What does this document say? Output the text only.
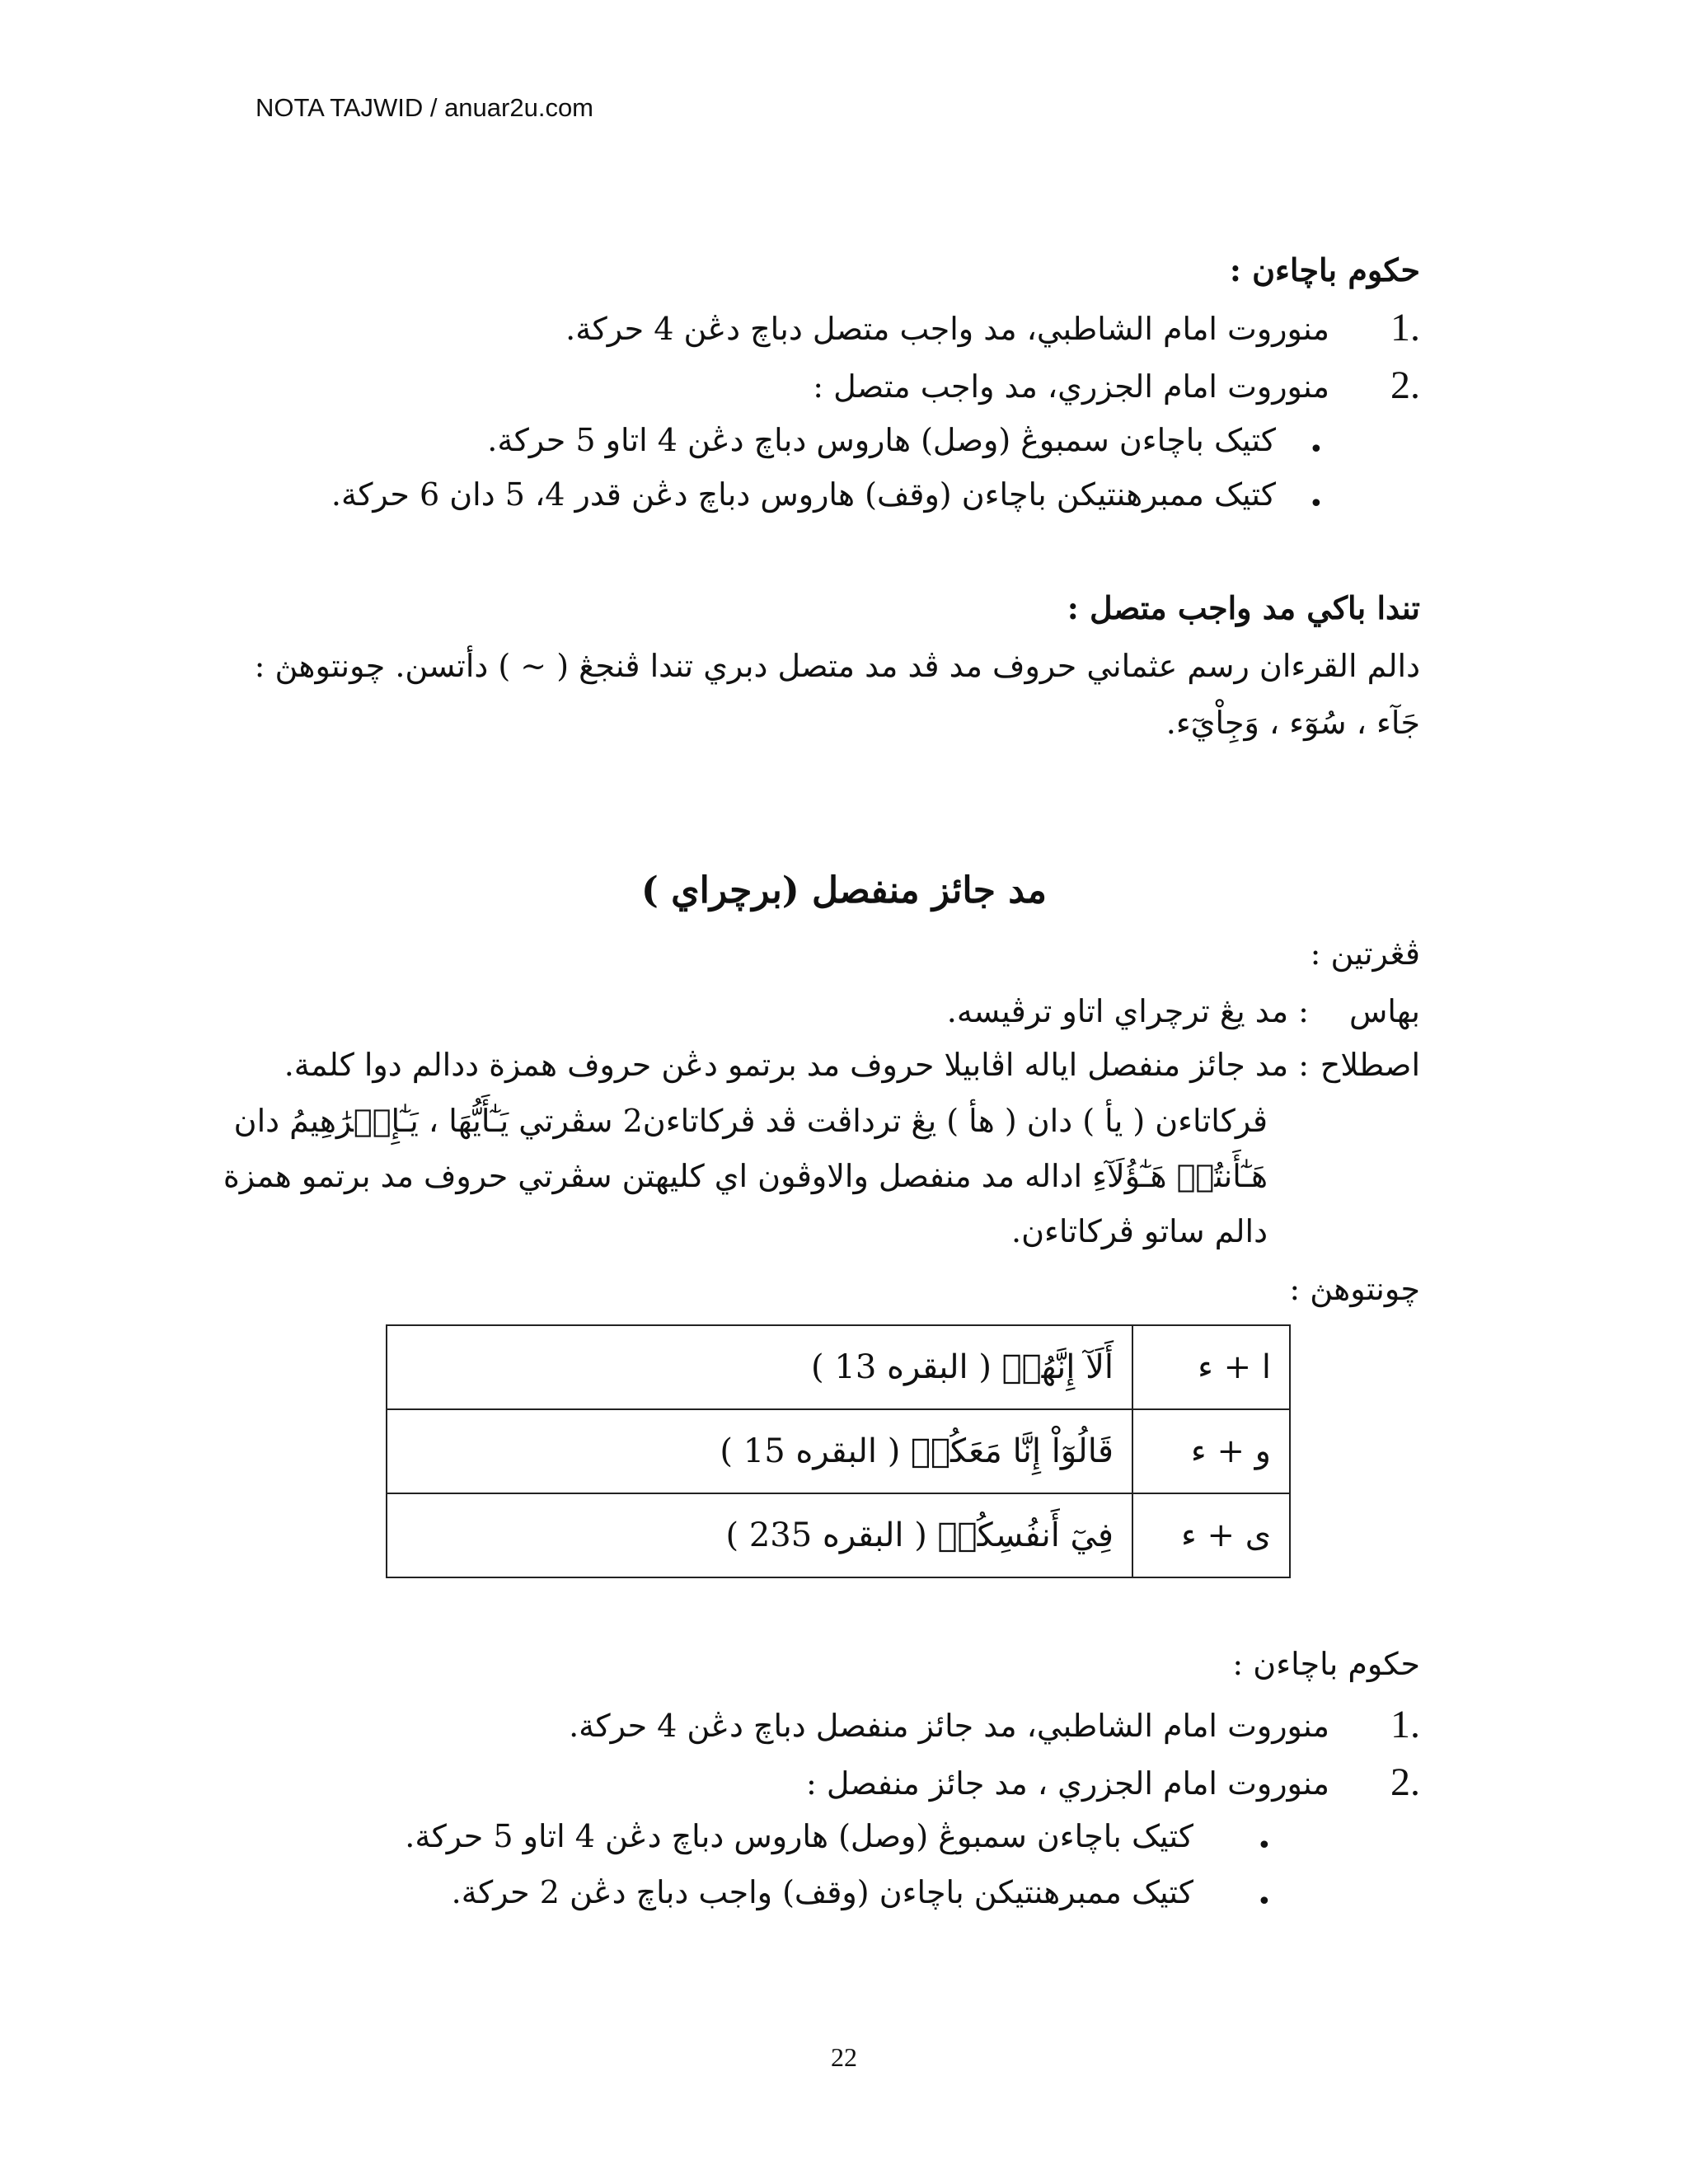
NOTA TAJWID / anuar2u.com
حکوم باچاءن :
1.
منوروت امام الشاطبي، مد واجب متصل دباچ دڠن 4 حرکة.
2.
منوروت امام الجزري، مد واجب متصل :
•
کتیک باچاءن سمبوڠ (وصل) هاروس دباچ دڠن 4 اتاو 5 حرکة.
•
کتیک ممبرهنتیکن باچاءن (وقف) هاروس دباچ دڠن قدر 4، 5 دان 6 حرکة.
تندا باکي مد واجب متصل :
دالم القرءان رسم عثماني حروف مد ڤد مد متصل دبري تندا ڤنجڠ ( ~ ) دأتسن. چونتوهڽ :
جَآء ، سُوٓء ، وَجِاْيٓء.
مد جائز منفصل (برچراي )
ڤڠرتين :
بهاس
: مد يڠ ترچراي اتاو ترڤيسه.
اصطلاح
: مد جائز منفصل اياله اڤابيلا حروف مد برتمو دڠن حروف همزة ددالم دوا کلمة.
ڤرکاتاءن ( يأ ) دان ( هأ ) يڠ ترداڤت ڤد ڤرکاتاءن2 سڤرتي يَـٰٓأَيُّهَا ، يَـٰٓإِبۡرَٰهِيمُ دان
هَـٰٓأَنتُمۡ هَـٰٓؤُلَآءِ اداله مد منفصل والاوڤون اي کليهتن سڤرتي حروف مد برتمو همزة
دالم ساتو ڤرکاتاءن.
چونتوهڽ :
ا + ء	أَلَآ إِنَّهُمۡ ( البقره 13 )
و + ء	قَالُوٓاْ إِنَّا مَعَكُمۡ ( البقره 15 )
ى + ء	فِيٓ أَنفُسِكُمۡ ( البقره 235 )
حکوم باچاءن :
1.
منوروت امام الشاطبي، مد جائز منفصل دباچ دڠن 4 حرکة.
2.
منوروت امام الجزري ، مد جائز منفصل :
•
کتیک باچاءن سمبوڠ (وصل) هاروس دباچ دڠن 4 اتاو 5 حرکة.
•
کتیک ممبرهنتیکن باچاءن (وقف) واجب دباچ دڠن 2 حرکة.
22
